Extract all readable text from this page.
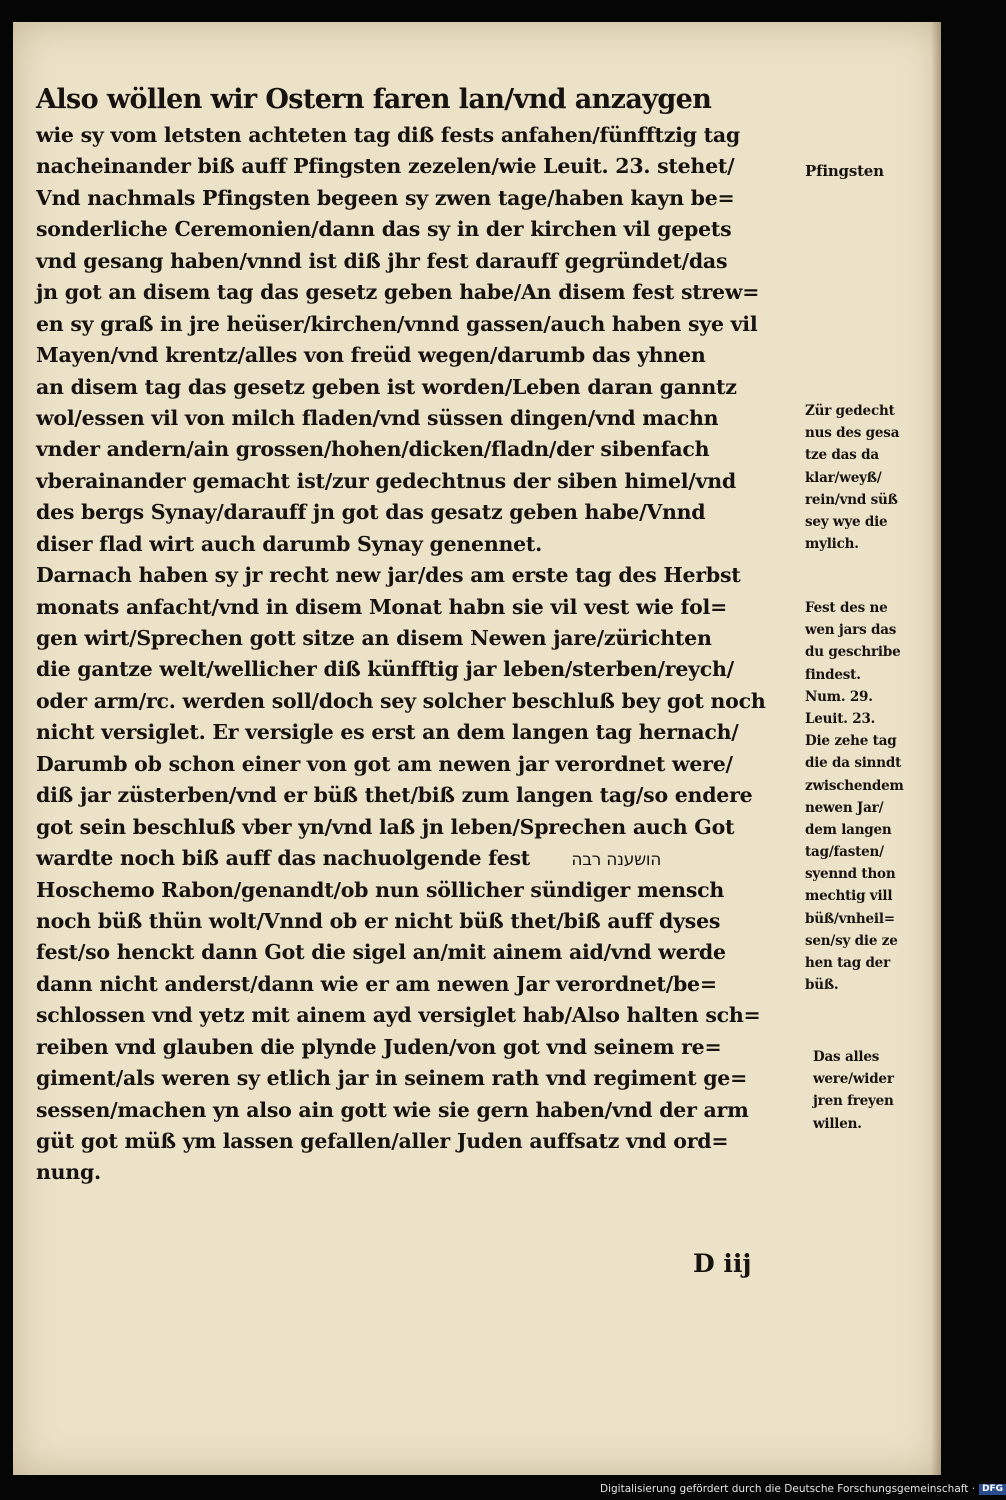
Also wöllen wir Ostern faren lan/vnd anzaygen
wie sy vom letsten achteten tag diß fests anfahen/fünfftzig tag
nacheinander biß auff Pfingsten zezelen/wie Leuit. 23. stehet/
Vnd nachmals Pfingsten begeen sy zwen tage/haben kayn be=
sonderliche Ceremonien/dann das sy in der kirchen vil gepets
vnd gesang haben/vnnd ist diß jhr fest darauff gegründet/das
jn got an disem tag das gesetz geben habe/An disem fest strew=
en sy graß in jre heüser/kirchen/vnnd gassen/auch haben sye vil
Mayen/vnd krentz/alles von freüd wegen/darumb das yhnen
an disem tag das gesetz geben ist worden/Leben daran ganntz
wol/essen vil von milch fladen/vnd süssen dingen/vnd machn
vnder andern/ain grossen/hohen/dicken/fladn/der sibenfach
vberainander gemacht ist/zur gedechtnus der siben himel/vnd
des bergs Synay/darauff jn got das gesatz geben habe/Vnnd
diser flad wirt auch darumb Synay genennet.
Darnach haben sy jr recht new jar/des am erste tag des Herbst
monats anfacht/vnd in disem Monat habn sie vil vest wie fol=
gen wirt/Sprechen gott sitze an disem Newen jare/zürichten
die gantze welt/wellicher diß künfftig jar leben/sterben/reych/
oder arm/rc. werden soll/doch sey solcher beschluß bey got noch
nicht versiglet. Er versigle es erst an dem langen tag hernach/
Darumb ob schon einer von got am newen jar verordnet were/
diß jar züsterben/vnd er büß thet/biß zum langen tag/so endere
got sein beschluß vber yn/vnd laß jn leben/Sprechen auch Got
wardte noch biß auff das nachuolgende fest הושענה רבה
Hoschemo Rabon/genandt/ob nun söllicher sündiger mensch
noch büß thün wolt/Vnnd ob er nicht büß thet/biß auff dyses
fest/so henckt dann Got die sigel an/mit ainem aid/vnd werde
dann nicht anderst/dann wie er am newen Jar verordnet/be=
schlossen vnd yetz mit ainem ayd versiglet hab/Also halten sch=
reiben vnd glauben die plynde Juden/von got vnd seinem re=
giment/als weren sy etlich jar in seinem rath vnd regiment ge=
sessen/machen yn also ain gott wie sie gern haben/vnd der arm
güt got müß ym lassen gefallen/aller Juden auffsatz vnd ord=
nung.
Pfingsten
Zür gedecht
nus des gesa
tze das da
klar/weyß/
rein/vnd süß
sey wye die
mylich.
Fest des ne
wen jars das
du geschribe
findest.
Num. 29.
Leuit. 23.
Die zehe tag
die da sinndt
zwischendem
newen Jar/
dem langen
tag/fasten/
syennd thon
mechtig vill
büß/vnheil=
sen/sy die ze
hen tag der
büß.
Das alles
were/wider
jren freyen
willen.
D iij
Digitalisierung gefördert durch die Deutsche Forschungsgemeinschaft · DFG
